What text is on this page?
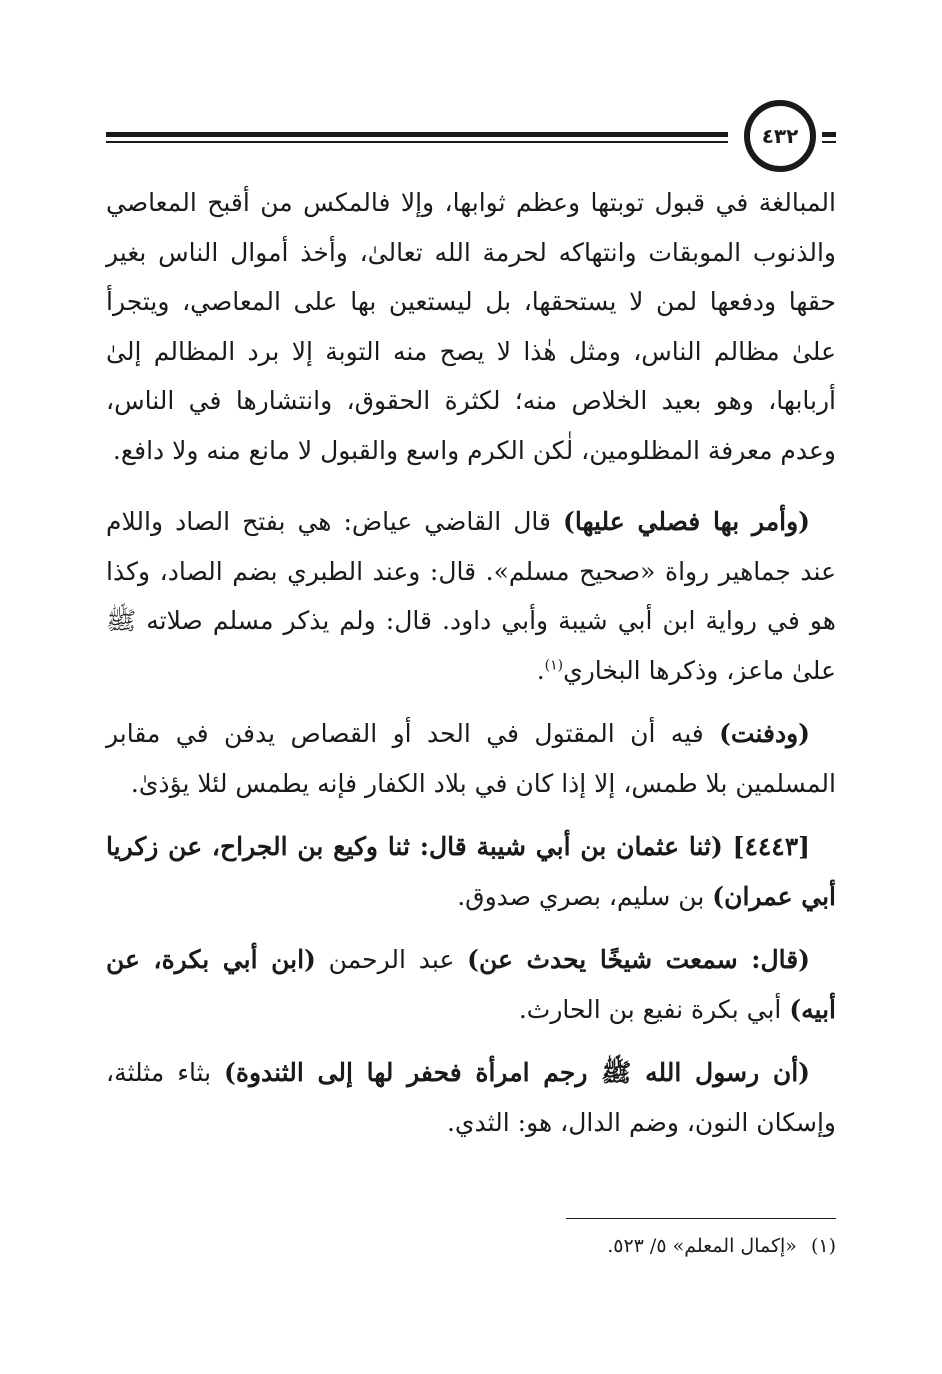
٤٣٢

المبالغة في قبول توبتها وعظم ثوابها، وإلا فالمكس من أقبح المعاصي والذنوب الموبقات وانتهاكه لحرمة الله تعالىٰ، وأخذ أموال الناس بغير حقها ودفعها لمن لا يستحقها، بل ليستعين بها على المعاصي، ويتجرأ علىٰ مظالم الناس، ومثل هٰذا لا يصح منه التوبة إلا برد المظالم إلىٰ أربابها، وهو بعيد الخلاص منه؛ لكثرة الحقوق، وانتشارها في الناس، وعدم معرفة المظلومين، لٰكن الكرم واسع والقبول لا مانع منه ولا دافع.

(وأمر بها فصلي عليها) قال القاضي عياض: هي بفتح الصاد واللام عند جماهير رواة «صحيح مسلم». قال: وعند الطبري بضم الصاد، وكذا هو في رواية ابن أبي شيبة وأبي داود. قال: ولم يذكر مسلم صلاته ﷺ علىٰ ماعز، وذكرها البخاري$^{(١)}$.

(ودفنت) فيه أن المقتول في الحد أو القصاص يدفن في مقابر المسلمين بلا طمس، إلا إذا كان في بلاد الكفار فإنه يطمس لئلا يؤذىٰ.

[٤٤٤٣] (ثنا عثمان بن أبي شيبة قال: ثنا وكيع بن الجراح، عن زكريا أبي عمران) بن سليم، بصري صدوق.

(قال: سمعت شيخًا يحدث عن) عبد الرحمن (ابن أبي بكرة، عن أبيه) أبي بكرة نفيع بن الحارث.

(أن رسول الله ﷺ رجم امرأة فحفر لها إلى الثندوة) بثاء مثلثة، وإسكان النون، وضم الدال، هو: الثدي.

(١)«إكمال المعلم» ٥/ ٥٢٣.
